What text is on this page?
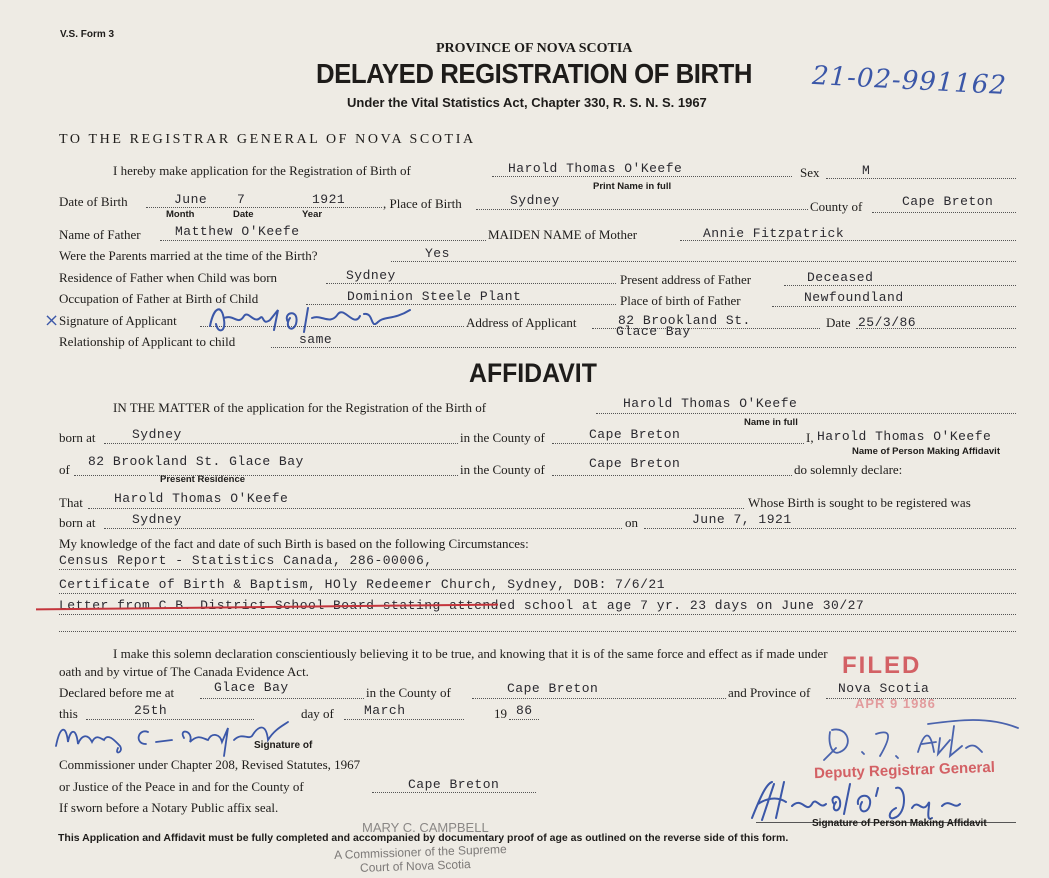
V.S. Form 3
PROVINCE OF NOVA SCOTIA
DELAYED REGISTRATION OF BIRTH
Under the Vital Statistics Act, Chapter 330, R. S. N. S. 1967
21-02-991162
TO THE REGISTRAR GENERAL OF NOVA SCOTIA
I hereby make application for the Registration of Birth of	Harold Thomas O'Keefe
Print Name in full
Sex	M
Date of Birth	June 7	1921
Month	Date	Year
, Place of Birth	Sydney	County of	Cape Breton
Name of Father	Matthew O'Keefe	MAIDEN NAME of Mother	Annie Fitzpatrick
Were the Parents married at the time of the Birth?	Yes
Residence of Father when Child was born	Sydney	Present address of Father	Deceased
Occupation of Father at Birth of Child	Dominion Steele Plant	Place of birth of Father	Newfoundland
× Signature of Applicant	Address of Applicant	82 Brookland St.
Glace Bay
Date 25/3/86
Relationship of Applicant to child	same
AFFIDAVIT
IN THE MATTER of the application for the Registration of the Birth of	Harold Thomas O'Keefe
Name in full
born at	Sydney	in the County of	Cape Breton	I, Harold Thomas O'Keefe
Name of Person Making Affidavit
of
82 Brookland St. Glace Bay
Present Residence
in the County of	Cape Breton	do solemnly declare:
That Harold Thomas O'Keefe	Whose Birth is sought to be registered was
born at	Sydney	on	June 7, 1921
My knowledge of the fact and date of such Birth is based on the following Circumstances:
Census Report - Statistics Canada, 286-00006,
Certificate of Birth & Baptism, HOly Redeemer Church, Sydney, DOB: 7/6/21
Letter from C.B. District School Board stating attended school at age 7 yr. 23 days on June 30/27
I make this solemn declaration conscientiously believing it to be true, and knowing that it is of the same force and effect as if made under
oath and by virtue of The Canada Evidence Act.
Declared before me at	Glace Bay	in the County of	Cape Breton	and Province of Nova Scotia
this	25th	day of March	19 86
Signature of
Commissioner under Chapter 208, Revised Statutes, 1967
or Justice of the Peace in and for the County of	Cape Breton
If sworn before a Notary Public affix seal.
FILED
APR 9 1986
Deputy Registrar General
Signature of Person Making Affidavit
MARY C. CAMPBELL
A Commissioner of the Supreme
Court of Nova Scotia
This Application and Affidavit must be fully completed and accompanied by documentary proof of age as outlined on the reverse side of this form.
